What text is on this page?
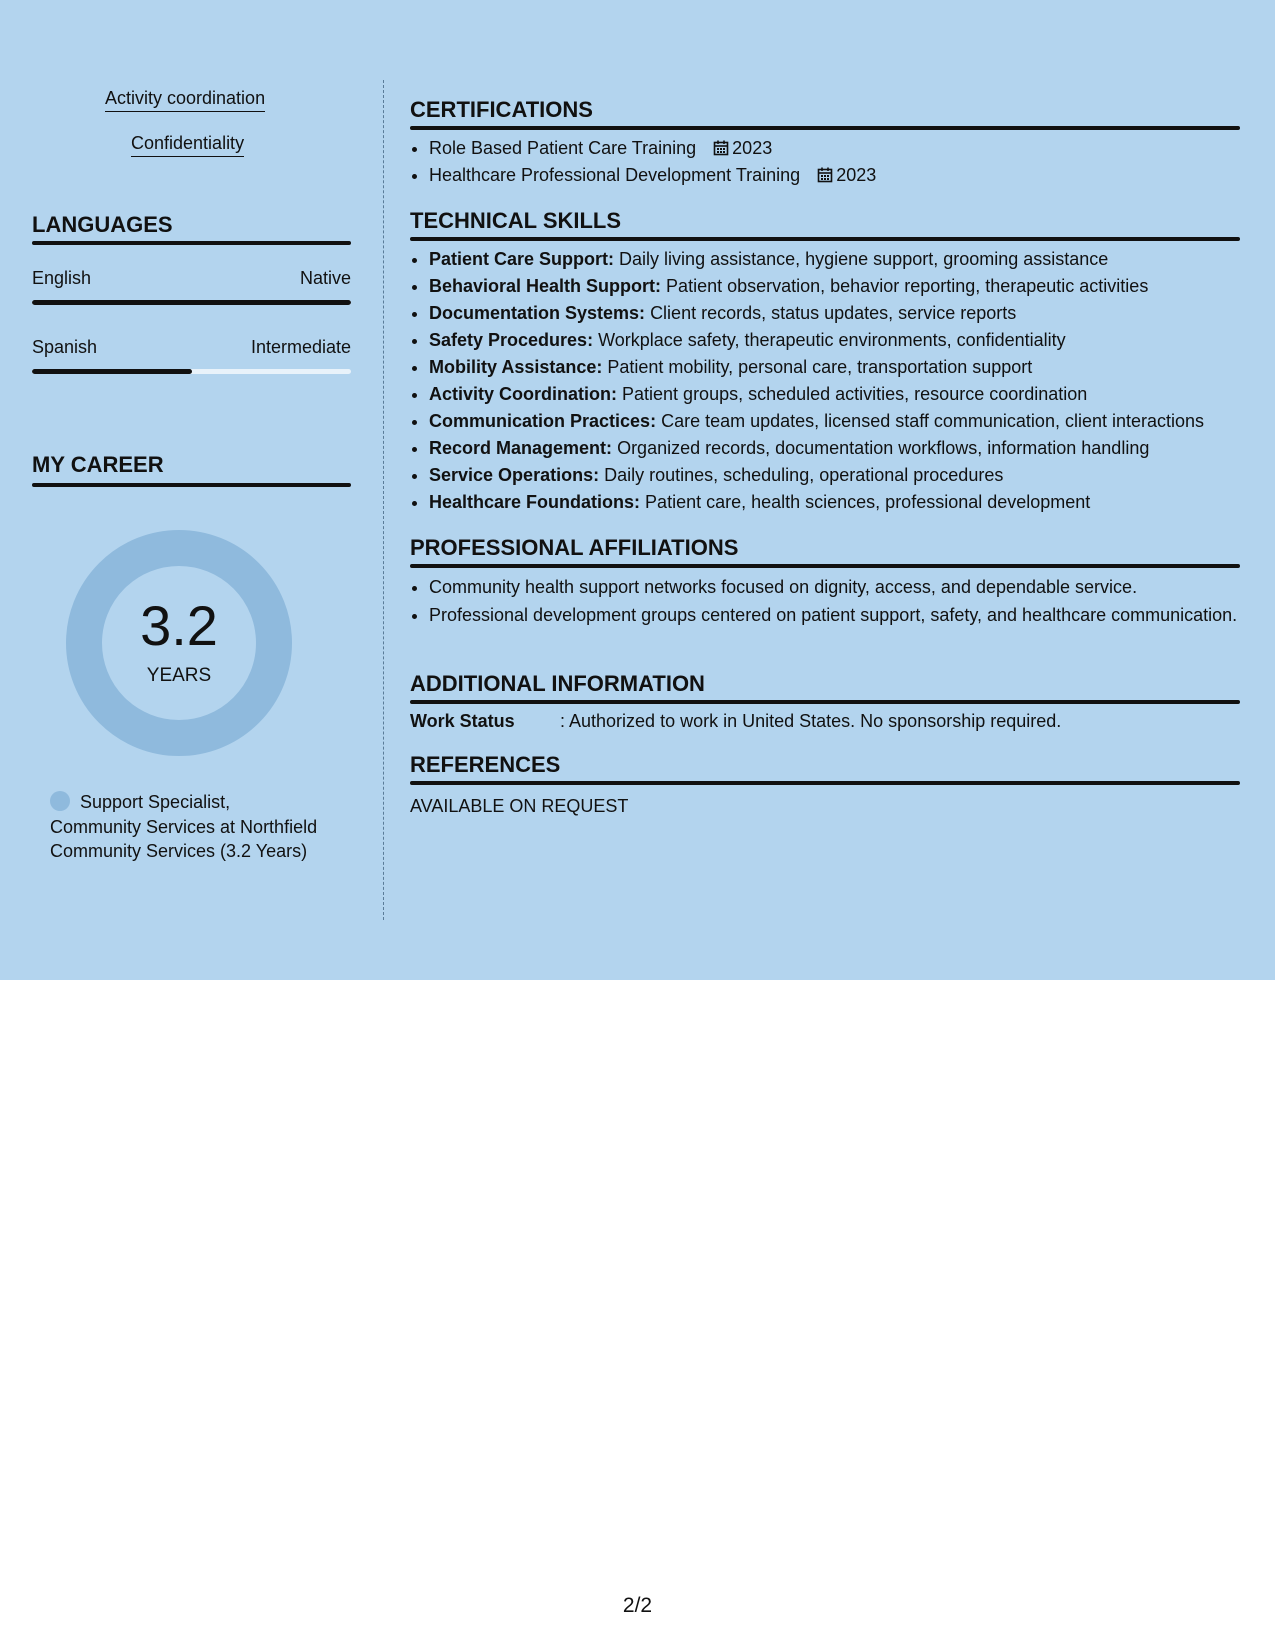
Activity coordination
Confidentiality
LANGUAGES
English	Native
Spanish	Intermediate
MY CAREER
3.2
YEARS
Support Specialist, Community Services at Northfield Community Services (3.2 Years)
CERTIFICATIONS
• Role Based Patient Care Training 2023
• Healthcare Professional Development Training 2023
TECHNICAL SKILLS
• Patient Care Support: Daily living assistance, hygiene support, grooming assistance
• Behavioral Health Support: Patient observation, behavior reporting, therapeutic activities
• Documentation Systems: Client records, status updates, service reports
• Safety Procedures: Workplace safety, therapeutic environments, confidentiality
• Mobility Assistance: Patient mobility, personal care, transportation support
• Activity Coordination: Patient groups, scheduled activities, resource coordination
• Communication Practices: Care team updates, licensed staff communication, client interactions
• Record Management: Organized records, documentation workflows, information handling
• Service Operations: Daily routines, scheduling, operational procedures
• Healthcare Foundations: Patient care, health sciences, professional development
PROFESSIONAL AFFILIATIONS
• Community health support networks focused on dignity, access, and dependable service.
• Professional development groups centered on patient support, safety, and healthcare communication.
ADDITIONAL INFORMATION
Work Status	: Authorized to work in United States. No sponsorship required.
REFERENCES
AVAILABLE ON REQUEST
2/2
